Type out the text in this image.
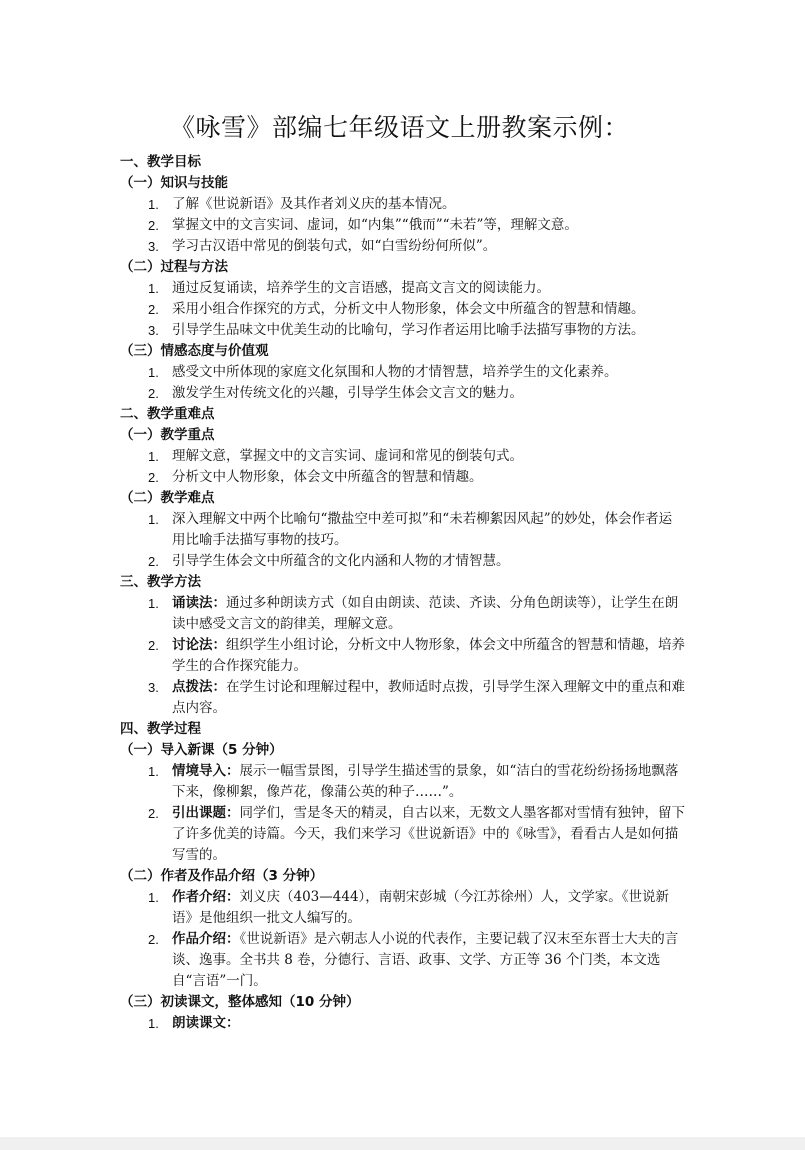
《咏雪》部编七年级语文上册教案示例：
一、教学目标
（一）知识与技能
1. 了解《世说新语》及其作者刘义庆的基本情况。
2. 掌握文中的文言实词、虚词，如“内集”“俄而”“未若”等，理解文意。
3. 学习古汉语中常见的倒装句式，如“白雪纷纷何所似”。
（二）过程与方法
1. 通过反复诵读，培养学生的文言语感，提高文言文的阅读能力。
2. 采用小组合作探究的方式，分析文中人物形象，体会文中所蕴含的智慧和情趣。
3. 引导学生品味文中优美生动的比喻句，学习作者运用比喻手法描写事物的方法。
（三）情感态度与价值观
1. 感受文中所体现的家庭文化氛围和人物的才情智慧，培养学生的文化素养。
2. 激发学生对传统文化的兴趣，引导学生体会文言文的魅力。
二、教学重难点
（一）教学重点
1. 理解文意，掌握文中的文言实词、虚词和常见的倒装句式。
2. 分析文中人物形象，体会文中所蕴含的智慧和情趣。
（二）教学难点
1. 深入理解文中两个比喻句“撒盐空中差可拟”和“未若柳絮因风起”的妙处，体会作者运用比喻手法描写事物的技巧。
2. 引导学生体会文中所蕴含的文化内涵和人物的才情智慧。
三、教学方法
1. 诵读法：通过多种朗读方式（如自由朗读、范读、齐读、分角色朗读等），让学生在朗读中感受文言文的韵律美，理解文意。
2. 讨论法：组织学生小组讨论，分析文中人物形象，体会文中所蕴含的智慧和情趣，培养学生的合作探究能力。
3. 点拨法：在学生讨论和理解过程中，教师适时点拨，引导学生深入理解文中的重点和难点内容。
四、教学过程
（一）导入新课（5 分钟）
1. 情境导入：展示一幅雪景图，引导学生描述雪的景象，如“洁白的雪花纷纷扬扬地飘落下来，像柳絮，像芦花，像蒲公英的种子……”。
2. 引出课题：同学们，雪是冬天的精灵，自古以来，无数文人墨客都对雪情有独钟，留下了许多优美的诗篇。今天，我们来学习《世说新语》中的《咏雪》，看看古人是如何描写雪的。
（二）作者及作品介绍（3 分钟）
1. 作者介绍：刘义庆（403—444），南朝宋彭城（今江苏徐州）人，文学家。《世说新语》是他组织一批文人编写的。
2. 作品介绍：《世说新语》是六朝志人小说的代表作，主要记载了汉末至东晋士大夫的言谈、逸事。全书共 8 卷，分德行、言语、政事、文学、方正等 36 个门类，本文选自“言语”一门。
（三）初读课文，整体感知（10 分钟）
1. 朗读课文：
